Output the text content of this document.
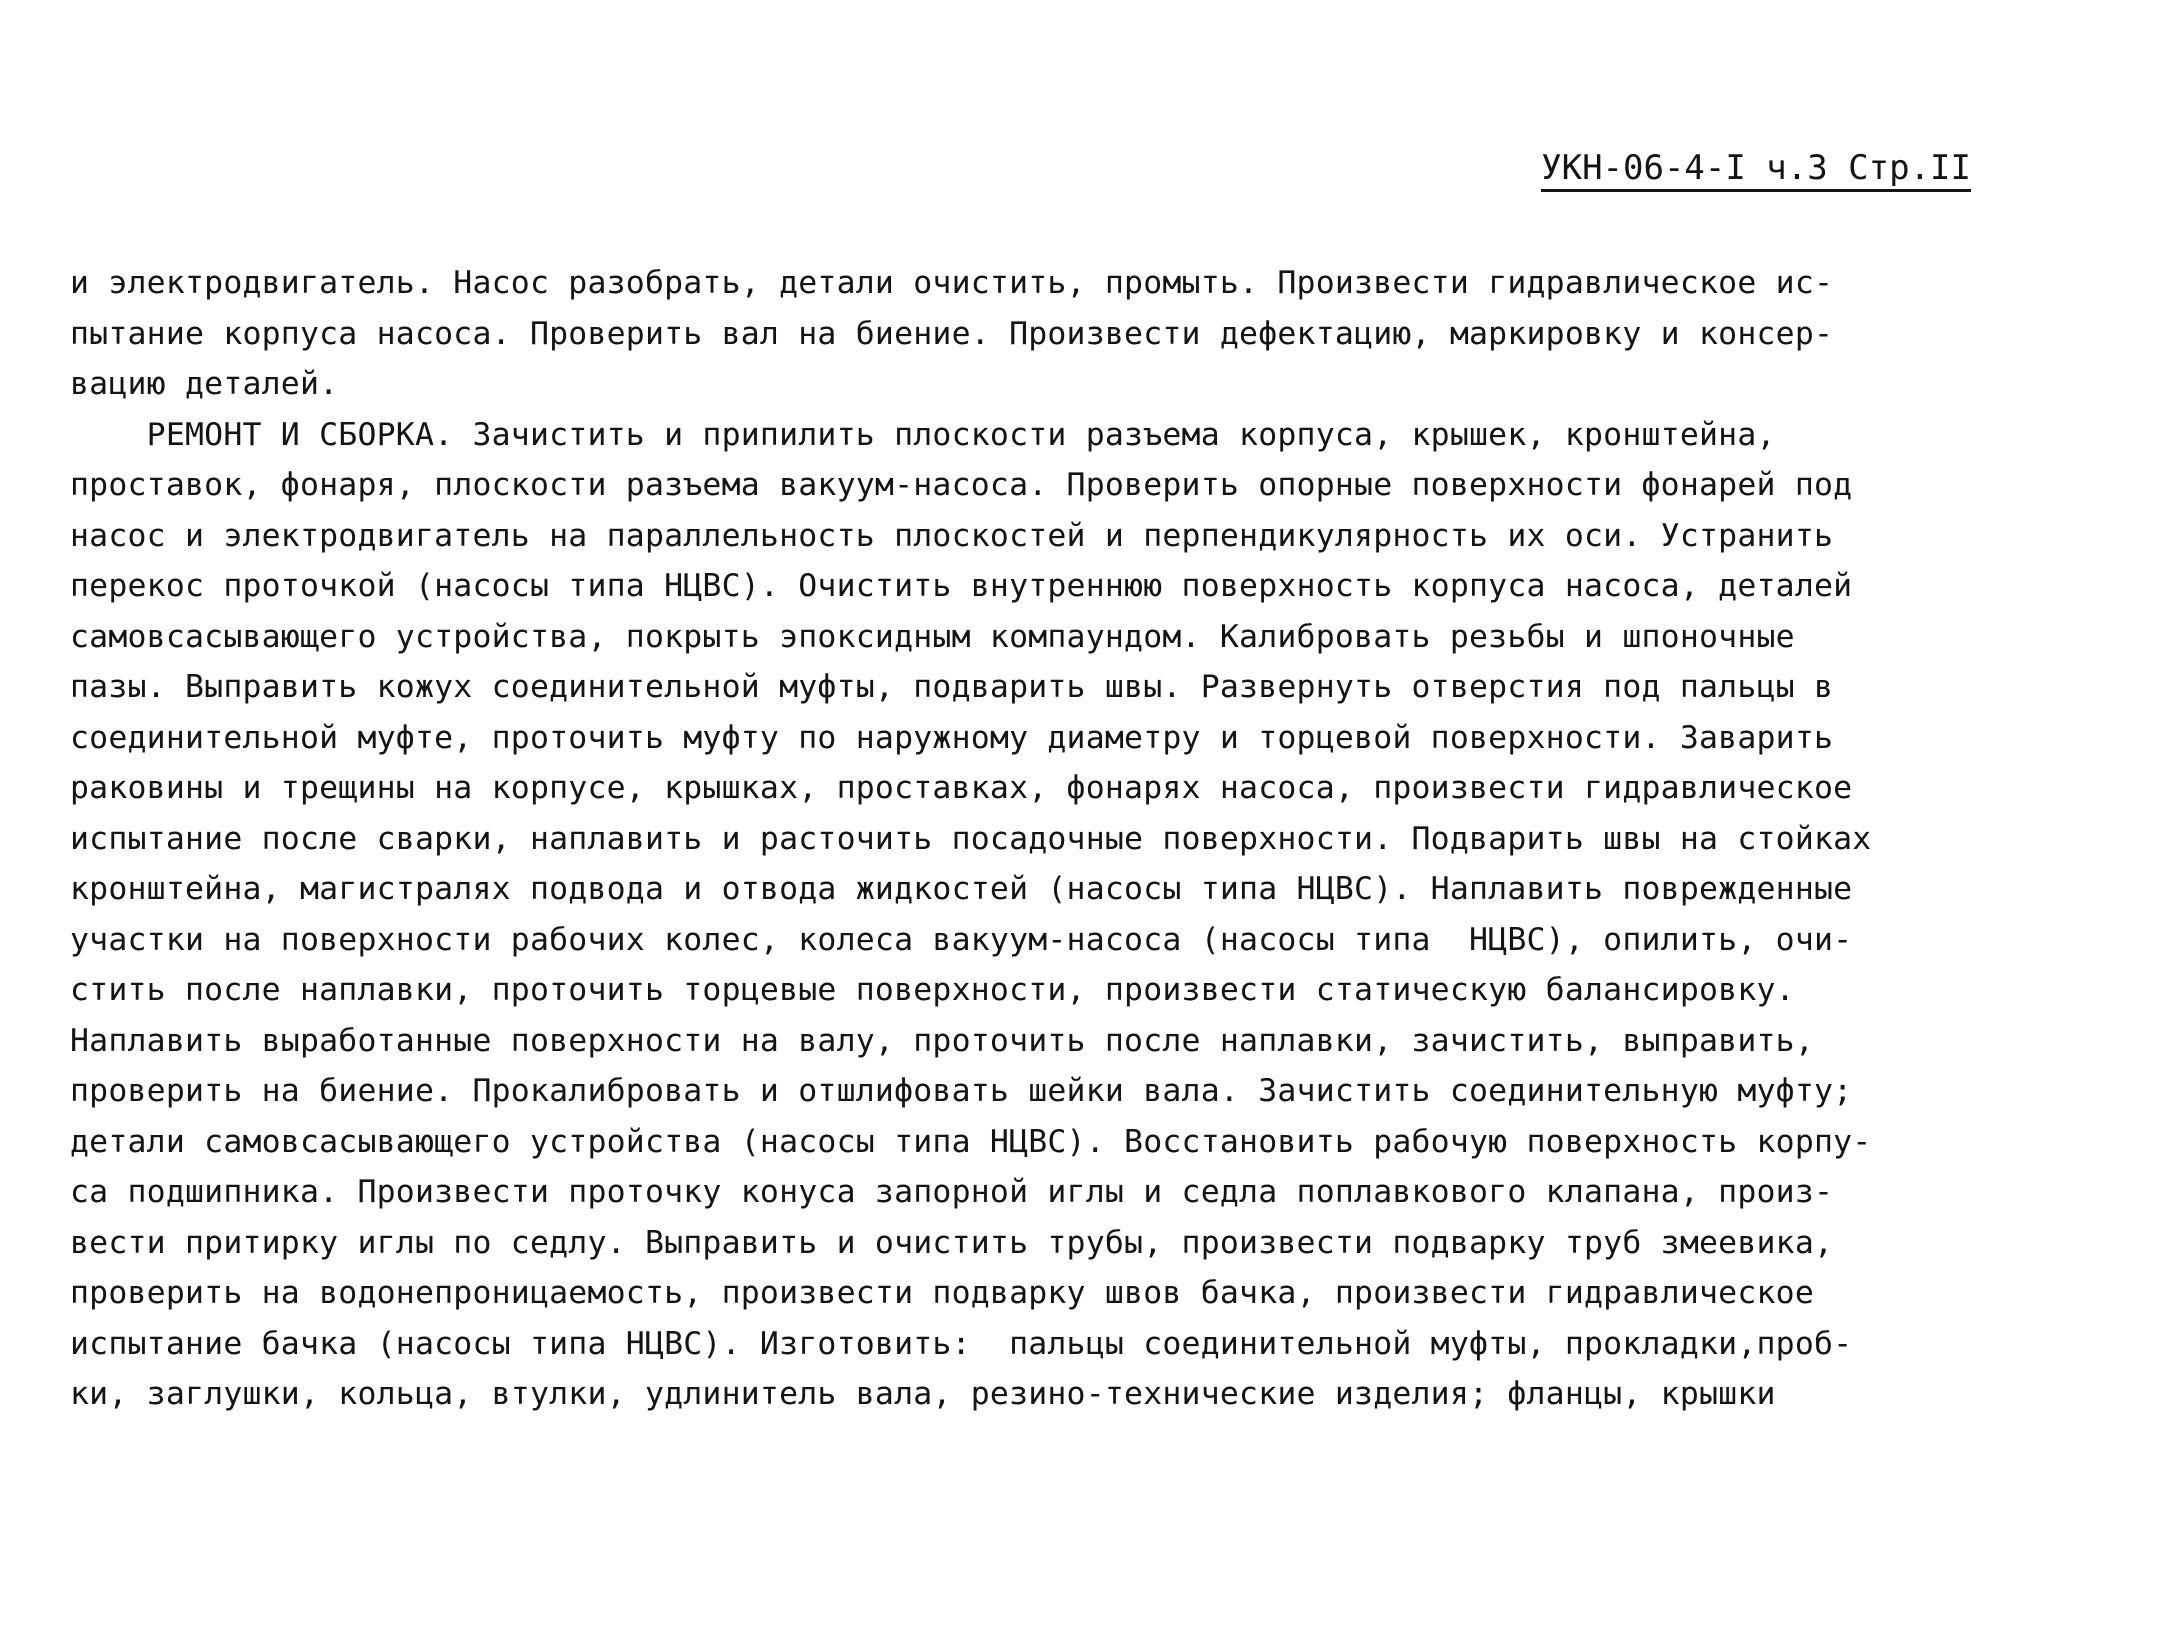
УКН-06-4-I ч.3 Стр.II
и электродвигатель. Насос разобрать, детали очистить, промыть. Произвести гидравлическое ис-
пытание корпуса насоса. Проверить вал на биение. Произвести дефектацию, маркировку и консер-
вацию деталей.
РЕМОНТ И СБОРКА. Зачистить и припилить плоскости разъема корпуса, крышек, кронштейна,
проставок, фонаря, плоскости разъема вакуум-насоса. Проверить опорные поверхности фонарей под
насос и электродвигатель на параллельность плоскостей и перпендикулярность их оси. Устранить
перекос проточкой (насосы типа НЦВС). Очистить внутреннюю поверхность корпуса насоса, деталей
самовсасывающего устройства, покрыть эпоксидным компаундом. Калибровать резьбы и шпоночные
пазы. Выправить кожух соединительной муфты, подварить швы. Развернуть отверстия под пальцы в
соединительной муфте, проточить муфту по наружному диаметру и торцевой поверхности. Заварить
раковины и трещины на корпусе, крышках, проставках, фонарях насоса, произвести гидравлическое
испытание после сварки, наплавить и расточить посадочные поверхности. Подварить швы на стойках
кронштейна, магистралях подвода и отвода жидкостей (насосы типа НЦВС). Наплавить поврежденные
участки на поверхности рабочих колес, колеса вакуум-насоса (насосы типа  НЦВС), опилить, очи-
стить после наплавки, проточить торцевые поверхности, произвести статическую балансировку.
Наплавить выработанные поверхности на валу, проточить после наплавки, зачистить, выправить,
проверить на биение. Прокалибровать и отшлифовать шейки вала. Зачистить соединительную муфту;
детали самовсасывающего устройства (насосы типа НЦВС). Восстановить рабочую поверхность корпу-
са подшипника. Произвести проточку конуса запорной иглы и седла поплавкового клапана, произ-
вести притирку иглы по седлу. Выправить и очистить трубы, произвести подварку труб змеевика,
проверить на водонепроницаемость, произвести подварку швов бачка, произвести гидравлическое
испытание бачка (насосы типа НЦВС). Изготовить:  пальцы соединительной муфты, прокладки,проб-
ки, заглушки, кольца, втулки, удлинитель вала, резино-технические изделия; фланцы, крышки
